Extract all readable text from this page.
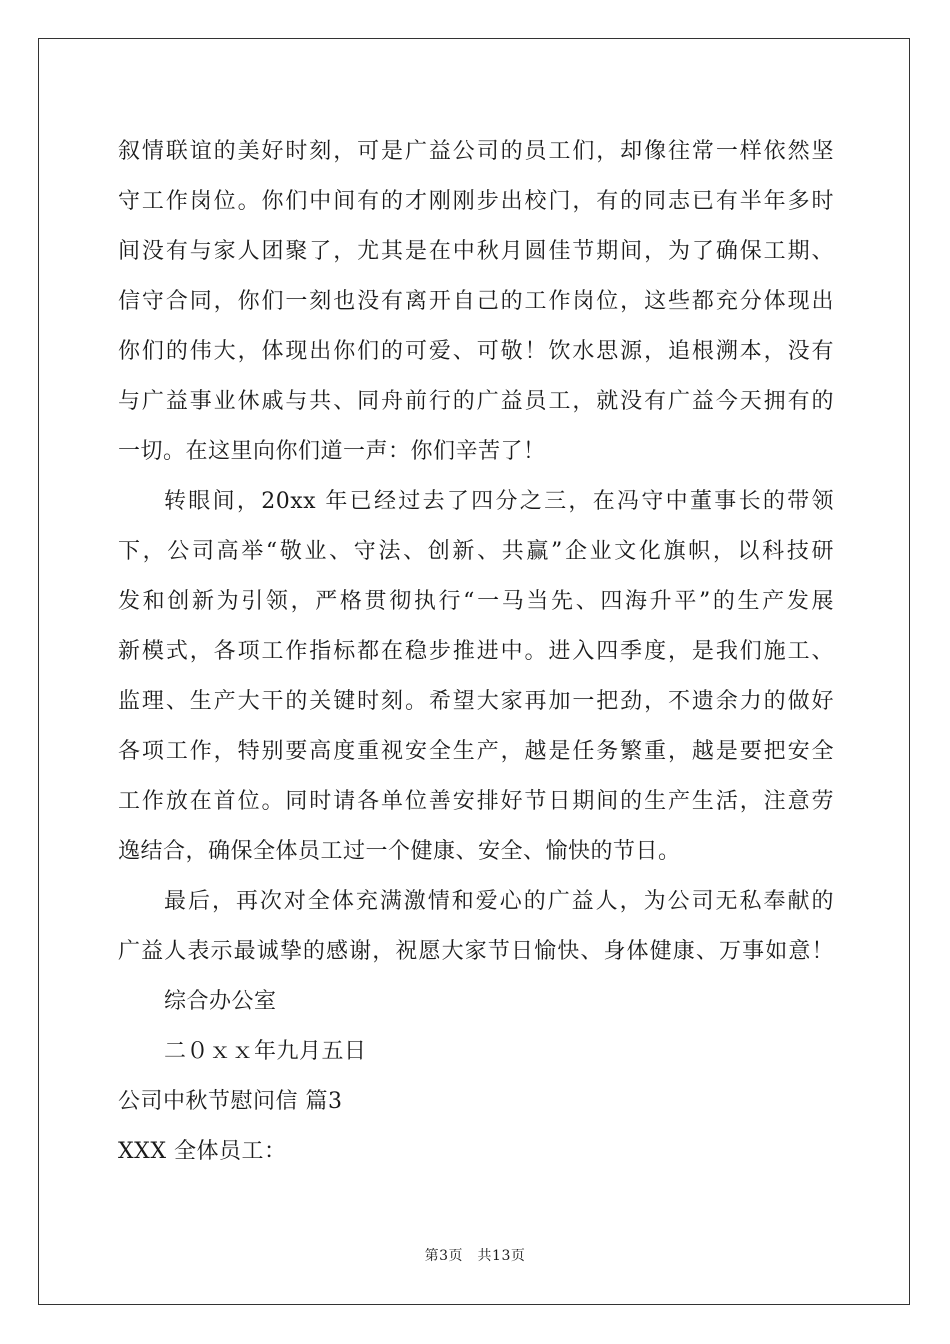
叙情联谊的美好时刻，可是广益公司的员工们，却像往常一样依然坚
守工作岗位。你们中间有的才刚刚步出校门，有的同志已有半年多时
间没有与家人团聚了，尤其是在中秋月圆佳节期间，为了确保工期、
信守合同，你们一刻也没有离开自己的工作岗位，这些都充分体现出
你们的伟大，体现出你们的可爱、可敬！饮水思源，追根溯本，没有
与广益事业休戚与共、同舟前行的广益员工，就没有广益今天拥有的
一切。在这里向你们道一声：你们辛苦了！
转眼间，20xx 年已经过去了四分之三，在冯守中董事长的带领
下，公司高举“敬业、守法、创新、共赢”企业文化旗帜，以科技研
发和创新为引领，严格贯彻执行“一马当先、四海升平”的生产发展
新模式，各项工作指标都在稳步推进中。进入四季度，是我们施工、
监理、生产大干的关键时刻。希望大家再加一把劲，不遗余力的做好
各项工作，特别要高度重视安全生产，越是任务繁重，越是要把安全
工作放在首位。同时请各单位善安排好节日期间的生产生活，注意劳
逸结合，确保全体员工过一个健康、安全、愉快的节日。
最后，再次对全体充满激情和爱心的广益人，为公司无私奉献的
广益人表示最诚挚的感谢，祝愿大家节日愉快、身体健康、万事如意！
综合办公室
二０ｘｘ年九月五日
公司中秋节慰问信 篇3
XXX 全体员工：
第3页　共13页
